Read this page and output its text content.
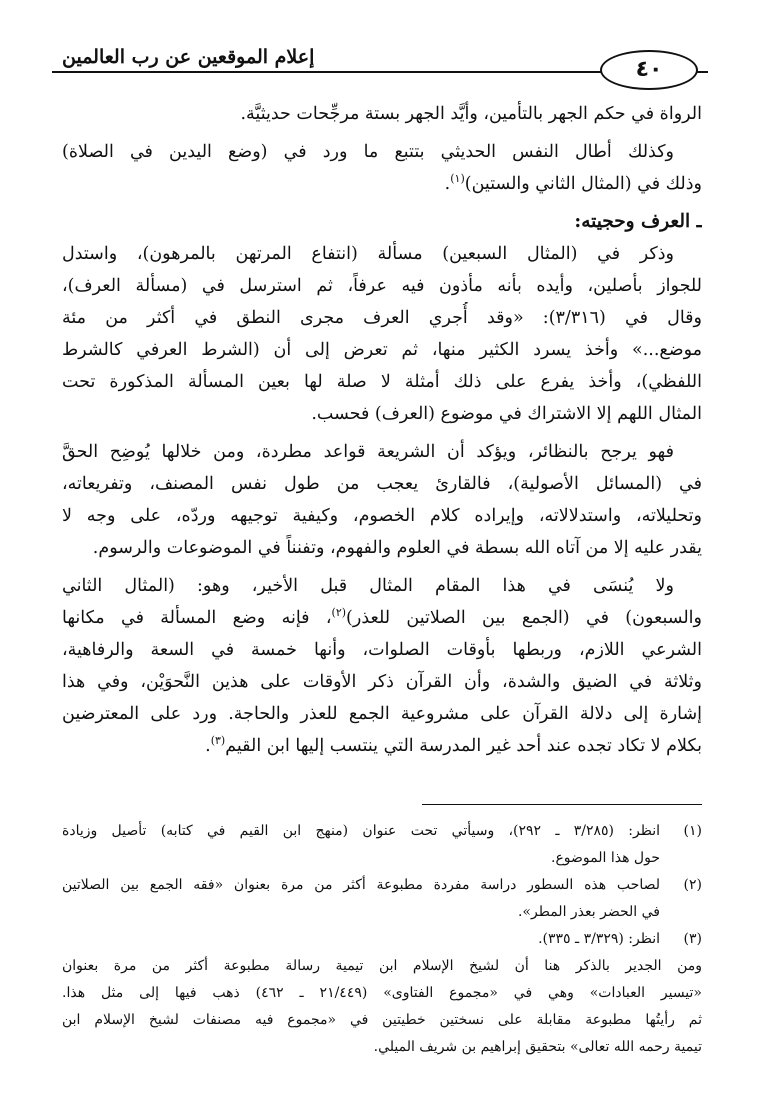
٤٠
إعلام الموقعين عن رب العالمين
الرواة في حكم الجهر بالتأمين، وأيَّد الجهر بستة مرجِّحات حديثيَّة.
وكذلك أطال النفس الحديثي بتتبع ما ورد في (وضع اليدين في الصلاة)
وذلك في (المثال الثاني والستين)$^{(١)}$.
ـ العرف وحجيته:
وذكر في (المثال السبعين) مسألة (انتفاع المرتهن بالمرهون)، واستدل
للجواز بأصلين، وأيده بأنه مأذون فيه عرفاً، ثم استرسل في (مسألة العرف)،
وقال في (٣/٣١٦): «وقد أُجري العرف مجرى النطق في أكثر من مئة
موضع...» وأخذ يسرد الكثير منها، ثم تعرض إلى أن (الشرط العرفي كالشرط
اللفظي)، وأخذ يفرع على ذلك أمثلة لا صلة لها بعين المسألة المذكورة تحت
المثال اللهم إلا الاشتراك في موضوع (العرف) فحسب.
فهو يرجح بالنظائر، ويؤكد أن الشريعة قواعد مطردة، ومن خلالها يُوضِح الحقَّ
في (المسائل الأصولية)، فالقارئ يعجب من طول نفس المصنف، وتفريعاته،
وتحليلاته، واستدلالاته، وإيراده كلام الخصوم، وكيفية توجيهه وردّه، على وجه لا
يقدر عليه إلا من آتاه الله بسطة في العلوم والفهوم، وتفنناً في الموضوعات والرسوم.
ولا يُنسَى في هذا المقام المثال قبل الأخير، وهو: (المثال الثاني
والسبعون) في (الجمع بين الصلاتين للعذر)$^{(٢)}$، فإنه وضع المسألة في مكانها
الشرعي اللازم، وربطها بأوقات الصلوات، وأنها خمسة في السعة والرفاهية،
وثلاثة في الضيق والشدة، وأن القرآن ذكر الأوقات على هذين النَّحوَيْن، وفي هذا
إشارة إلى دلالة القرآن على مشروعية الجمع للعذر والحاجة. ورد على المعترضين
بكلام لا تكاد تجده عند أحد غير المدرسة التي ينتسب إليها ابن القيم$^{(٣)}$.
(١)
انظر: (٣/٢٨٥ ـ ٢٩٢)، وسيأتي تحت عنوان (منهج ابن القيم في كتابه) تأصيل وزيادة
حول هذا الموضوع.
(٢)
لصاحب هذه السطور دراسة مفردة مطبوعة أكثر من مرة بعنوان «فقه الجمع بين الصلاتين
في الحضر بعذر المطر».
(٣)
انظر: (٣/٣٢٩ ـ ٣٣٥).
ومن الجدير بالذكر هنا أن لشيخ الإسلام ابن تيمية رسالة مطبوعة أكثر من مرة بعنوان
«تيسير العبادات» وهي في «مجموع الفتاوى» (٢١/٤٤٩ ـ ٤٦٢) ذهب فيها إلى مثل هذا.
ثم رأيتُها مطبوعة مقابلة على نسختين خطيتين في «مجموع فيه مصنفات لشيخ الإسلام ابن
تيمية رحمه الله تعالى» بتحقيق إبراهيم بن شريف الميلي.
